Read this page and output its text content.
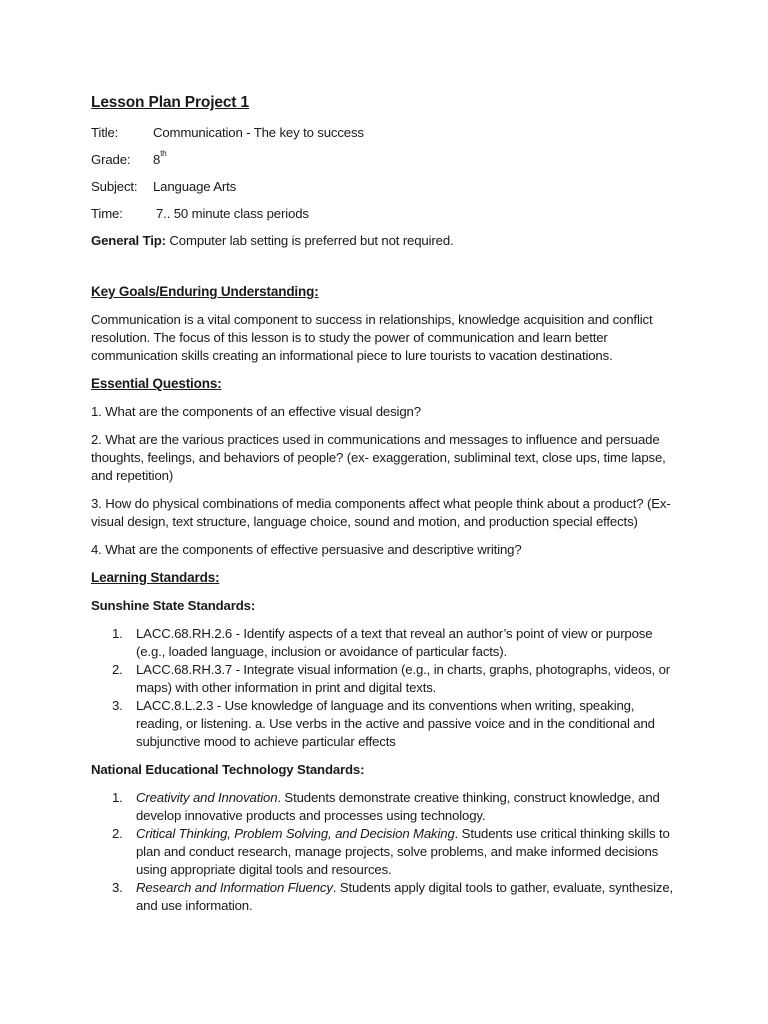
Lesson Plan Project 1
Title:	Communication - The key to success
Grade:	8th
Subject:	Language Arts
Time:	7.. 50 minute class periods
General Tip: Computer lab setting is preferred but not required.
Key Goals/Enduring Understanding:
Communication is a vital component to success in relationships, knowledge acquisition and conflict resolution. The focus of this lesson is to study the power of communication and learn better communication skills creating an informational piece to lure tourists to vacation destinations.
Essential Questions:
1. What are the components of an effective visual design?
2. What are the various practices used in communications and messages to influence and persuade thoughts, feelings, and behaviors of people? (ex- exaggeration, subliminal text, close ups, time lapse, and repetition)
3. How do physical combinations of media components affect what people think about a product? (Ex- visual design, text structure, language choice, sound and motion, and production special effects)
4. What are the components of effective persuasive and descriptive writing?
Learning Standards:
Sunshine State Standards:
1.	LACC.68.RH.2.6 - Identify aspects of a text that reveal an author’s point of view or purpose (e.g., loaded language, inclusion or avoidance of particular facts).
2.	LACC.68.RH.3.7 - Integrate visual information (e.g., in charts, graphs, photographs, videos, or maps) with other information in print and digital texts.
3.	LACC.8.L.2.3 - Use knowledge of language and its conventions when writing, speaking, reading, or listening. a. Use verbs in the active and passive voice and in the conditional and subjunctive mood to achieve particular effects
National Educational Technology Standards:
1.	Creativity and Innovation. Students demonstrate creative thinking, construct knowledge, and develop innovative products and processes using technology.
2.	Critical Thinking, Problem Solving, and Decision Making. Students use critical thinking skills to plan and conduct research, manage projects, solve problems, and make informed decisions using appropriate digital tools and resources.
3.	Research and Information Fluency. Students apply digital tools to gather, evaluate, synthesize, and use information.
